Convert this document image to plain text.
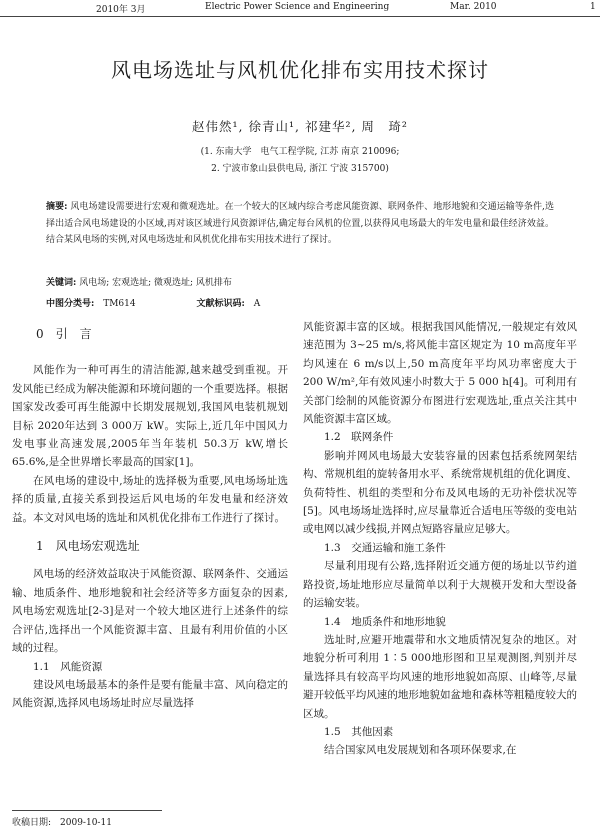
2010年 3月	Electric Power Science and Engineering	Mar. 2010	1
风电场选址与风机优化排布实用技术探讨
赵伟然¹, 徐青山¹, 祁建华², 周　琦²
(1. 东南大学　电气工程学院, 江苏 南京 210096;
2. 宁波市象山县供电局, 浙江 宁波 315700)
摘要: 风电场建设需要进行宏观和微观选址。在一个较大的区域内综合考虑风能资源、联网条件、地形地貌和交通运输等条件,选择出适合风电场建设的小区域,再对该区域进行风资源评估,确定每台风机的位置,以获得风电场最大的年发电量和最佳经济效益。结合某风电场的实例,对风电场选址和风机优化排布实用技术进行了探讨。
关键词: 风电场; 宏观选址; 微观选址; 风机排布
中图分类号: TM614	文献标识码: A

0　引　言

风能作为一种可再生的清洁能源,越来越受到重视。开发风能已经成为解决能源和环境问题的一个重要选择。根据国家发改委可再生能源中长期发展规划,我国风电装机规划目标 2020年达到 3 000万 kW。实际上,近几年中国风力发电事业高速发展,2005年当年装机 50.3万 kW,增长65.6%,是全世界增长率最高的国家[1]。

在风电场的建设中,场址的选择极为重要,风电场场址选择的质量,直接关系到投运后风电场的年发电量和经济效益。本文对风电场的选址和风机优化排布工作进行了探讨。

1　风电场宏观选址

风电场的经济效益取决于风能资源、联网条件、交通运输、地质条件、地形地貌和社会经济等多方面复杂的因素,风电场宏观选址[2-3]是对一个较大地区进行上述条件的综合评估,选择出一个风能资源丰富、且最有利用价值的小区域的过程。

1.1　风能资源

建设风电场最基本的条件是要有能量丰富、风向稳定的风能资源,选择风电场场址时应尽量选择

风能资源丰富的区域。根据我国风能情况,一般规定有效风速范围为 3~25 m/s,将风能丰富区规定为 10 m高度年平均风速在 6 m/s以上,50 m高度年平均风功率密度大于 200 W/m²,年有效风速小时数大于 5 000 h[4]。可利用有关部门绘制的风能资源分布图进行宏观选址,重点关注其中风能资源丰富区域。

1.2　联网条件

影响并网风电场最大安装容量的因素包括系统网架结构、常规机组的旋转备用水平、系统常规机组的优化调度、负荷特性、机组的类型和分布及风电场的无功补偿状况等[5]。风电场场址选择时,应尽量靠近合适电压等级的变电站或电网以减少线损,并网点短路容量应足够大。

1.3　交通运输和施工条件

尽量利用现有公路,选择附近交通方便的场址以节约道路投资,场址地形应尽量简单以利于大规模开发和大型设备的运输安装。

1.4　地质条件和地形地貌

选址时,应避开地震带和水文地质情况复杂的地区。对地貌分析可利用 1∶5 000地形图和卫星观测图,判别并尽量选择具有较高平均风速的地形地貌如高原、山峰等,尽量避开较低平均风速的地形地貌如盆地和森林等粗糙度较大的区域。

1.5　其他因素

结合国家风电发展规划和各项环保要求,在

收稿日期:　2009-10-11
